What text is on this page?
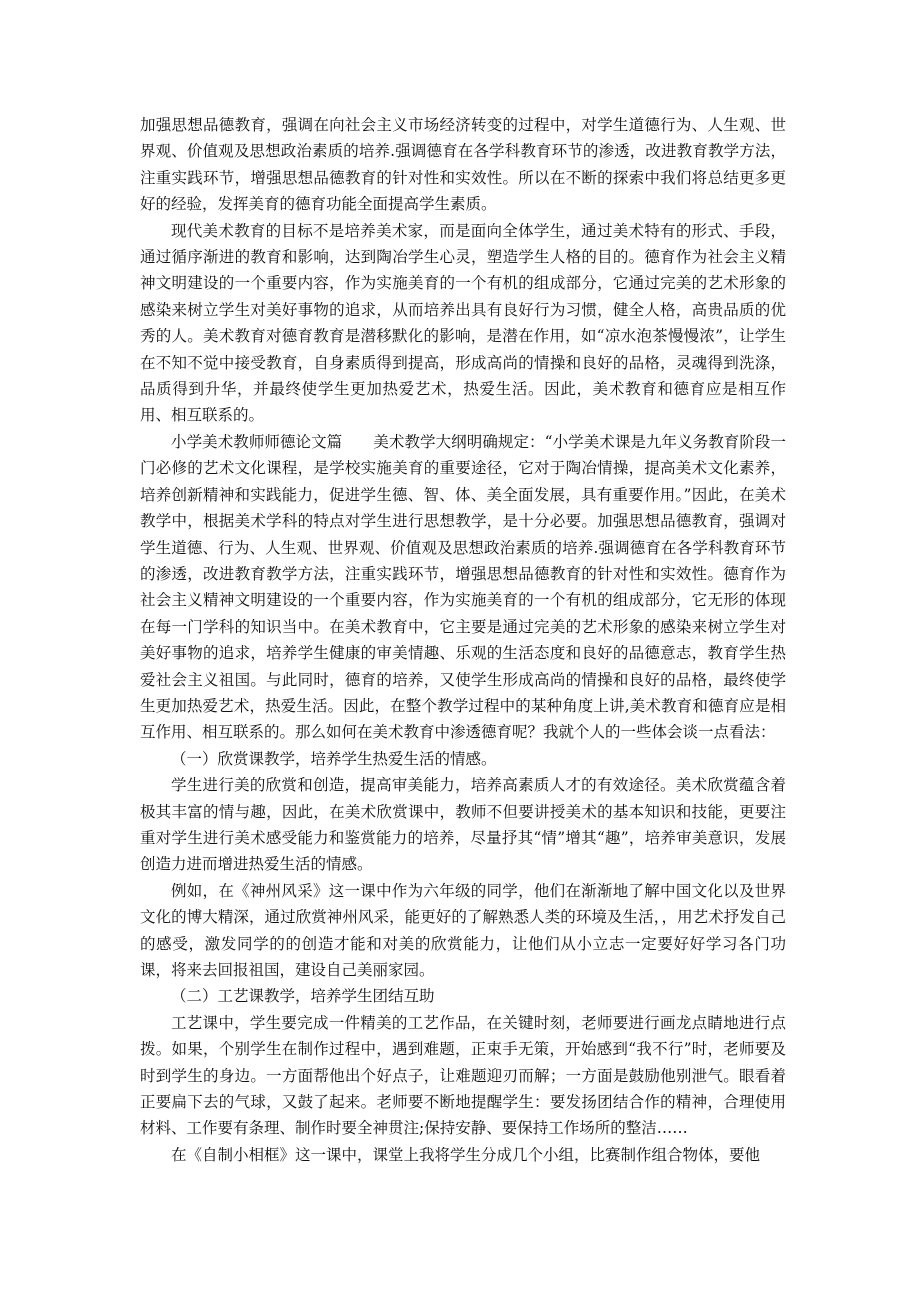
加强思想品德教育，强调在向社会主义市场经济转变的过程中，对学生道德行为、人生观、世界观、价值观及思想政治素质的培养.强调德育在各学科教育环节的渗透，改进教育教学方法，注重实践环节，增强思想品德教育的针对性和实效性。所以在不断的探索中我们将总结更多更好的经验，发挥美育的德育功能全面提高学生素质。

现代美术教育的目标不是培养美术家，而是面向全体学生，通过美术特有的形式、手段，通过循序渐进的教育和影响，达到陶冶学生心灵，塑造学生人格的目的。德育作为社会主义精神文明建设的一个重要内容，作为实施美育的一个有机的组成部分，它通过完美的艺术形象的感染来树立学生对美好事物的追求，从而培养出具有良好行为习惯，健全人格，高贵品质的优秀的人。美术教育对德育教育是潜移默化的影响，是潜在作用，如“凉水泡茶慢慢浓”，让学生在不知不觉中接受教育，自身素质得到提高，形成高尚的情操和良好的品格，灵魂得到洗涤，品质得到升华，并最终使学生更加热爱艺术，热爱生活。因此，美术教育和德育应是相互作用、相互联系的。

小学美术教师师德论文篇　　美术教学大纲明确规定：“小学美术课是九年义务教育阶段一门必修的艺术文化课程，是学校实施美育的重要途径，它对于陶冶情操，提高美术文化素养，培养创新精神和实践能力，促进学生德、智、体、美全面发展，具有重要作用。”因此，在美术教学中，根据美术学科的特点对学生进行思想教学，是十分必要。加强思想品德教育，强调对学生道德、行为、人生观、世界观、价值观及思想政治素质的培养.强调德育在各学科教育环节的渗透，改进教育教学方法，注重实践环节，增强思想品德教育的针对性和实效性。德育作为社会主义精神文明建设的一个重要内容，作为实施美育的一个有机的组成部分，它无形的体现在每一门学科的知识当中。在美术教育中，它主要是通过完美的艺术形象的感染来树立学生对美好事物的追求，培养学生健康的审美情趣、乐观的生活态度和良好的品德意志，教育学生热爱社会主义祖国。与此同时，德育的培养，又使学生形成高尚的情操和良好的品格，最终使学生更加热爱艺术，热爱生活。因此，在整个教学过程中的某种角度上讲,美术教育和德育应是相互作用、相互联系的。那么如何在美术教育中渗透德育呢？我就个人的一些体会谈一点看法：

（一）欣赏课教学，培养学生热爱生活的情感。

学生进行美的欣赏和创造，提高审美能力，培养高素质人才的有效途径。美术欣赏蕴含着极其丰富的情与趣，因此，在美术欣赏课中，教师不但要讲授美术的基本知识和技能，更要注重对学生进行美术感受能力和鉴赏能力的培养，尽量抒其“情”增其“趣”，培养审美意识，发展创造力进而增进热爱生活的情感。

例如，在《神州风采》这一课中作为六年级的同学，他们在渐渐地了解中国文化以及世界文化的博大精深，通过欣赏神州风采，能更好的了解熟悉人类的环境及生活，，用艺术抒发自己的感受，激发同学的的创造才能和对美的欣赏能力，让他们从小立志一定要好好学习各门功课，将来去回报祖国，建设自己美丽家园。

（二）工艺课教学，培养学生团结互助

工艺课中，学生要完成一件精美的工艺作品，在关键时刻，老师要进行画龙点睛地进行点拨。如果，个别学生在制作过程中，遇到难题，正束手无策，开始感到“我不行”时，老师要及时到学生的身边。一方面帮他出个好点子，让难题迎刃而解；一方面是鼓励他别泄气。眼看着正要扁下去的气球，又鼓了起来。老师要不断地提醒学生：要发扬团结合作的精神，合理使用材料、工作要有条理、制作时要全神贯注;保持安静、要保持工作场所的整洁……

在《自制小相框》这一课中，课堂上我将学生分成几个小组，比赛制作组合物体，要他
